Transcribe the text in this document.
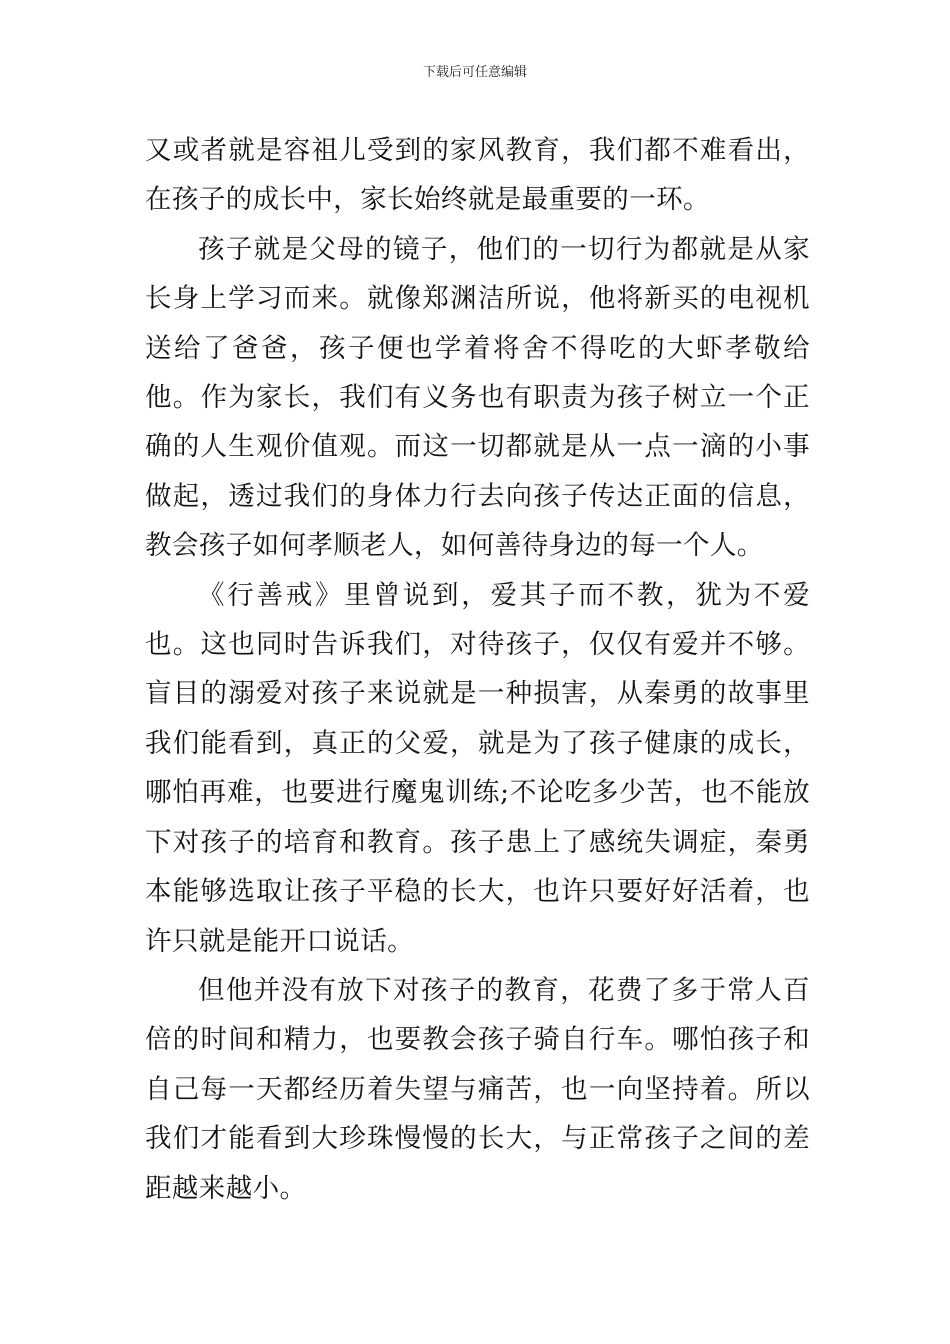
下载后可任意编辑

又或者就是容祖儿受到的家风教育，我们都不难看出，在孩子的成长中，家长始终就是最重要的一环。

孩子就是父母的镜子，他们的一切行为都就是从家长身上学习而来。就像郑渊洁所说，他将新买的电视机送给了爸爸，孩子便也学着将舍不得吃的大虾孝敬给他。作为家长，我们有义务也有职责为孩子树立一个正确的人生观价值观。而这一切都就是从一点一滴的小事做起，透过我们的身体力行去向孩子传达正面的信息，教会孩子如何孝顺老人，如何善待身边的每一个人。

《行善戒》里曾说到，爱其子而不教，犹为不爱也。这也同时告诉我们，对待孩子，仅仅有爱并不够。盲目的溺爱对孩子来说就是一种损害，从秦勇的故事里我们能看到，真正的父爱，就是为了孩子健康的成长，哪怕再难，也要进行魔鬼训练;不论吃多少苦，也不能放下对孩子的培育和教育。孩子患上了感统失调症，秦勇本能够选取让孩子平稳的长大，也许只要好好活着，也许只就是能开口说话。

但他并没有放下对孩子的教育，花费了多于常人百倍的时间和精力，也要教会孩子骑自行车。哪怕孩子和自己每一天都经历着失望与痛苦，也一向坚持着。所以我们才能看到大珍珠慢慢的长大，与正常孩子之间的差距越来越小。
